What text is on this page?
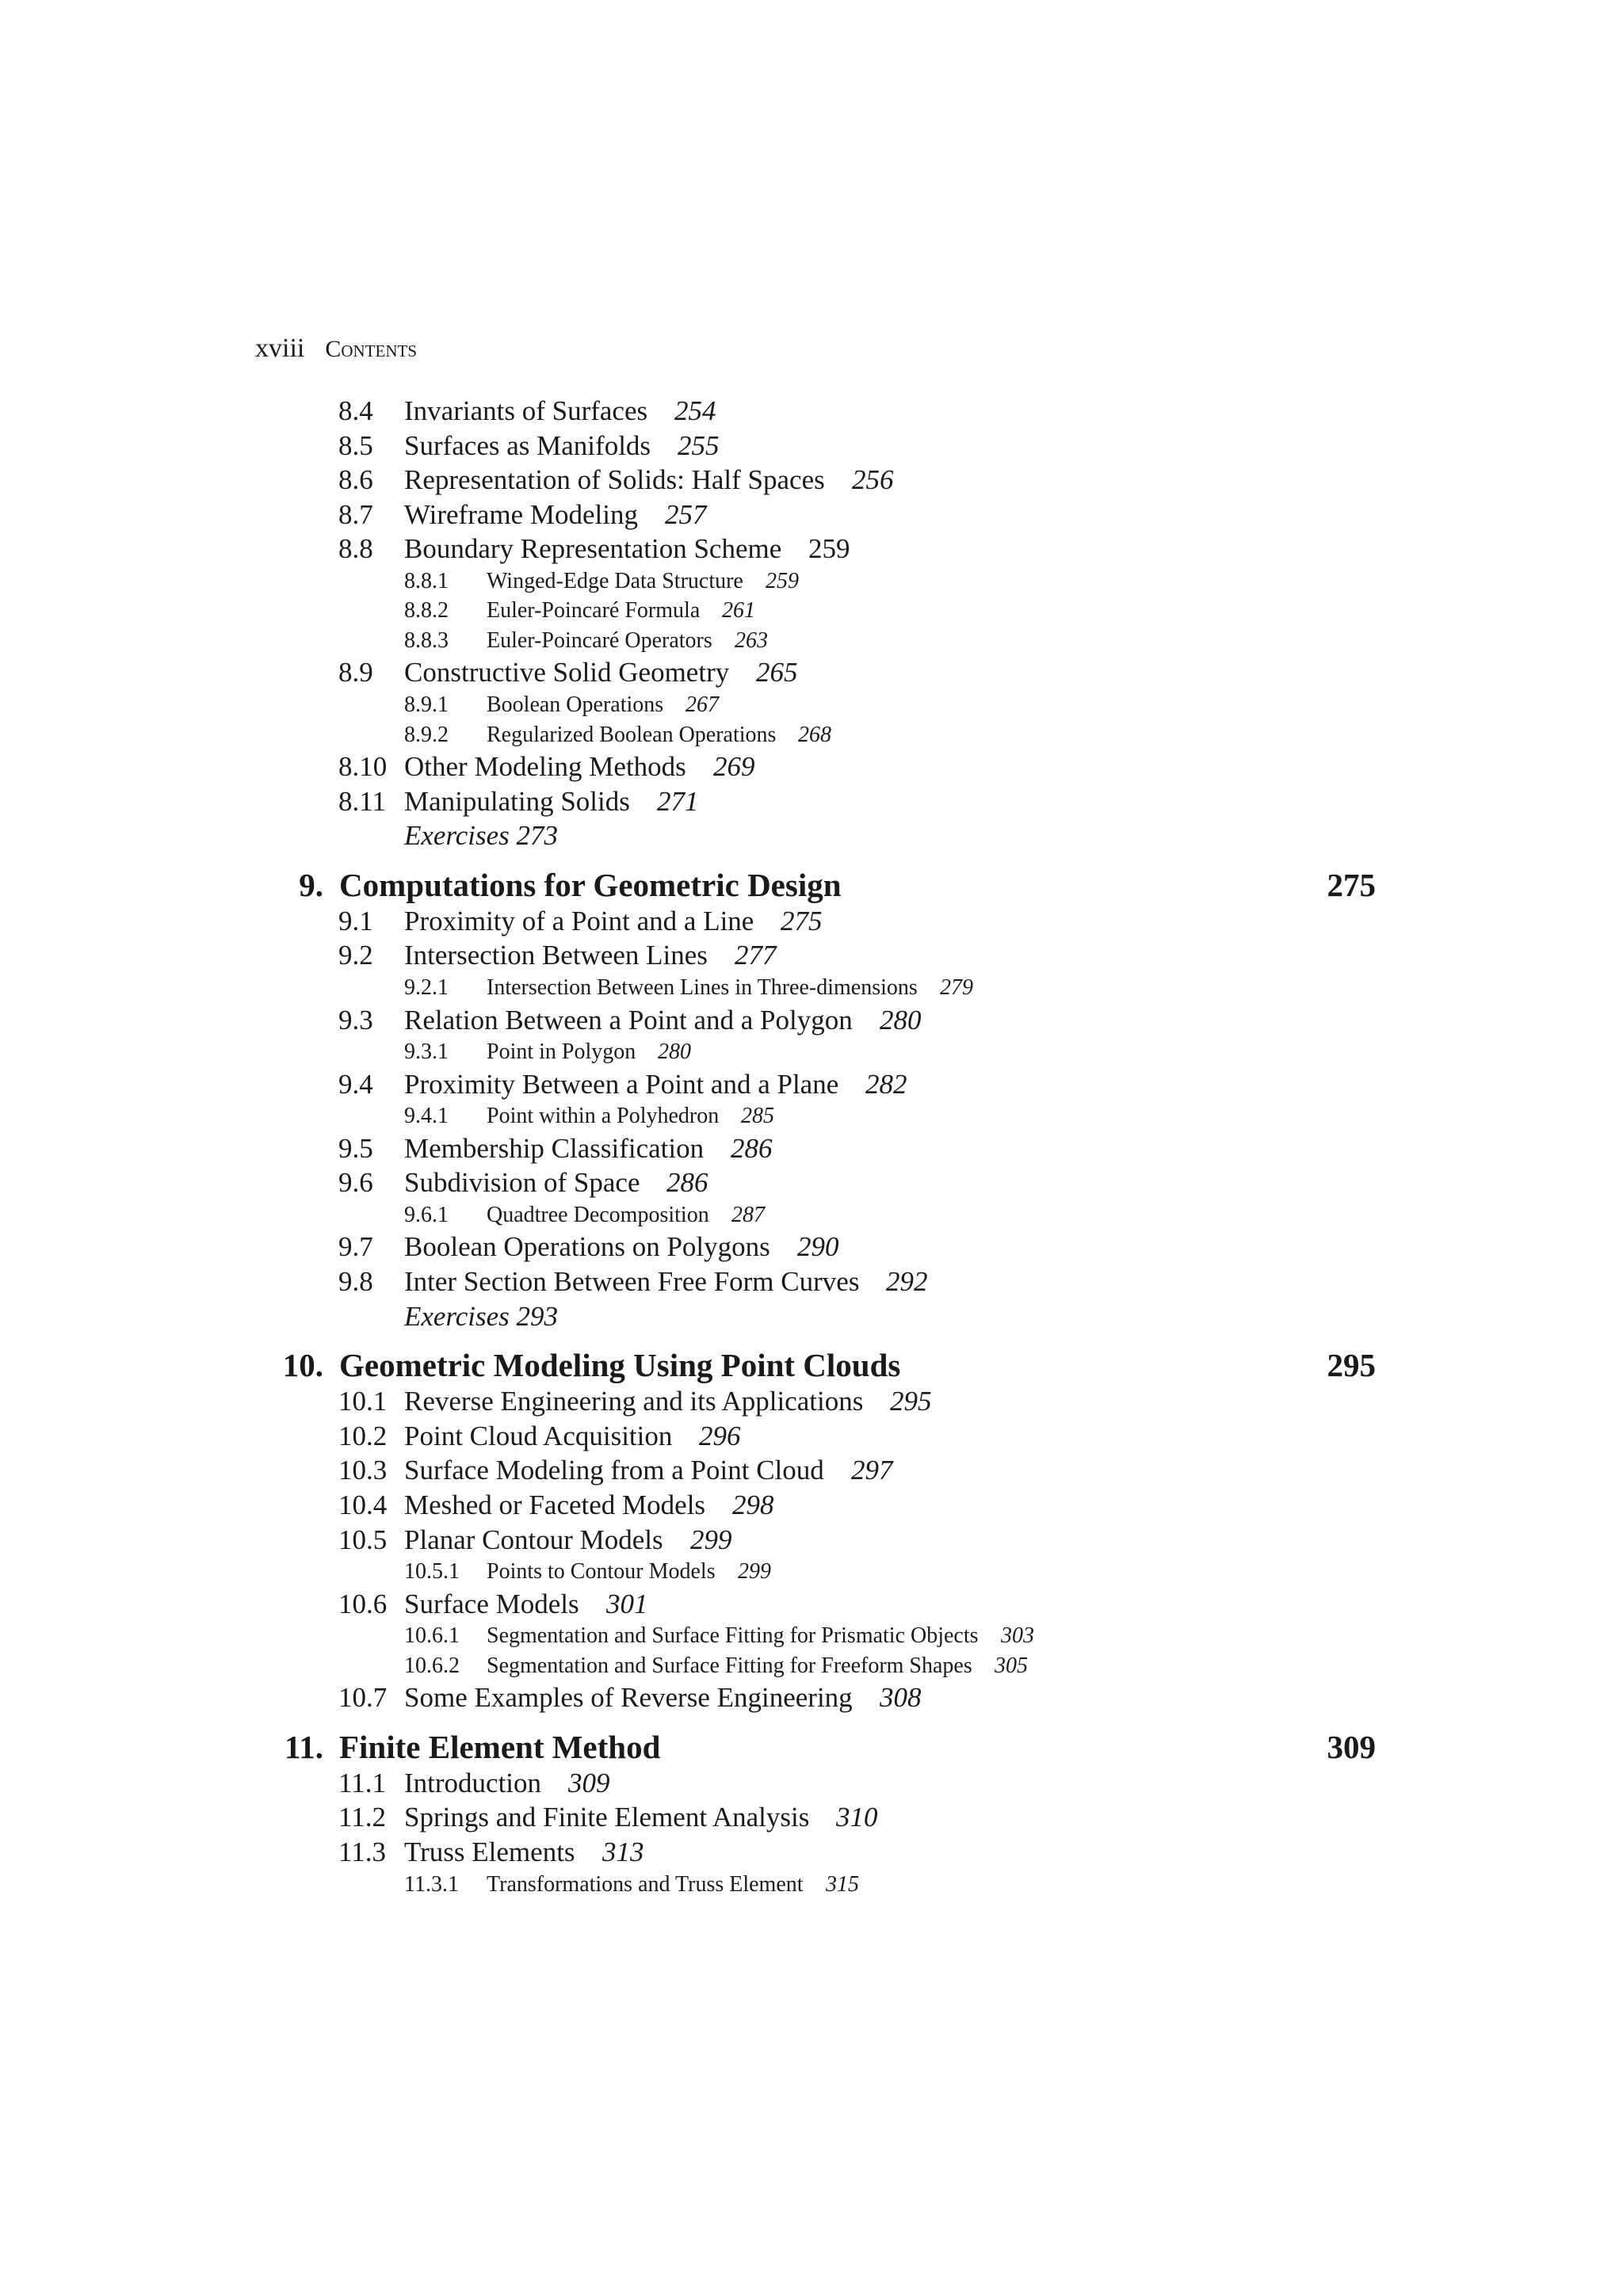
xviii Contents
8.4 Invariants of Surfaces 254
8.5 Surfaces as Manifolds 255
8.6 Representation of Solids: Half Spaces 256
8.7 Wireframe Modeling 257
8.8 Boundary Representation Scheme 259
8.8.1 Winged-Edge Data Structure 259
8.8.2 Euler-Poincaré Formula 261
8.8.3 Euler-Poincaré Operators 263
8.9 Constructive Solid Geometry 265
8.9.1 Boolean Operations 267
8.9.2 Regularized Boolean Operations 268
8.10 Other Modeling Methods 269
8.11 Manipulating Solids 271
Exercises 273
9. Computations for Geometric Design	275
9.1 Proximity of a Point and a Line 275
9.2 Intersection Between Lines 277
9.2.1 Intersection Between Lines in Three-dimensions 279
9.3 Relation Between a Point and a Polygon 280
9.3.1 Point in Polygon 280
9.4 Proximity Between a Point and a Plane 282
9.4.1 Point within a Polyhedron 285
9.5 Membership Classification 286
9.6 Subdivision of Space 286
9.6.1 Quadtree Decomposition 287
9.7 Boolean Operations on Polygons 290
9.8 Inter Section Between Free Form Curves 292
Exercises 293
10. Geometric Modeling Using Point Clouds	295
10.1 Reverse Engineering and its Applications 295
10.2 Point Cloud Acquisition 296
10.3 Surface Modeling from a Point Cloud 297
10.4 Meshed or Faceted Models 298
10.5 Planar Contour Models 299
10.5.1 Points to Contour Models 299
10.6 Surface Models 301
10.6.1 Segmentation and Surface Fitting for Prismatic Objects 303
10.6.2 Segmentation and Surface Fitting for Freeform Shapes 305
10.7 Some Examples of Reverse Engineering 308
11. Finite Element Method	309
11.1 Introduction 309
11.2 Springs and Finite Element Analysis 310
11.3 Truss Elements 313
11.3.1 Transformations and Truss Element 315
